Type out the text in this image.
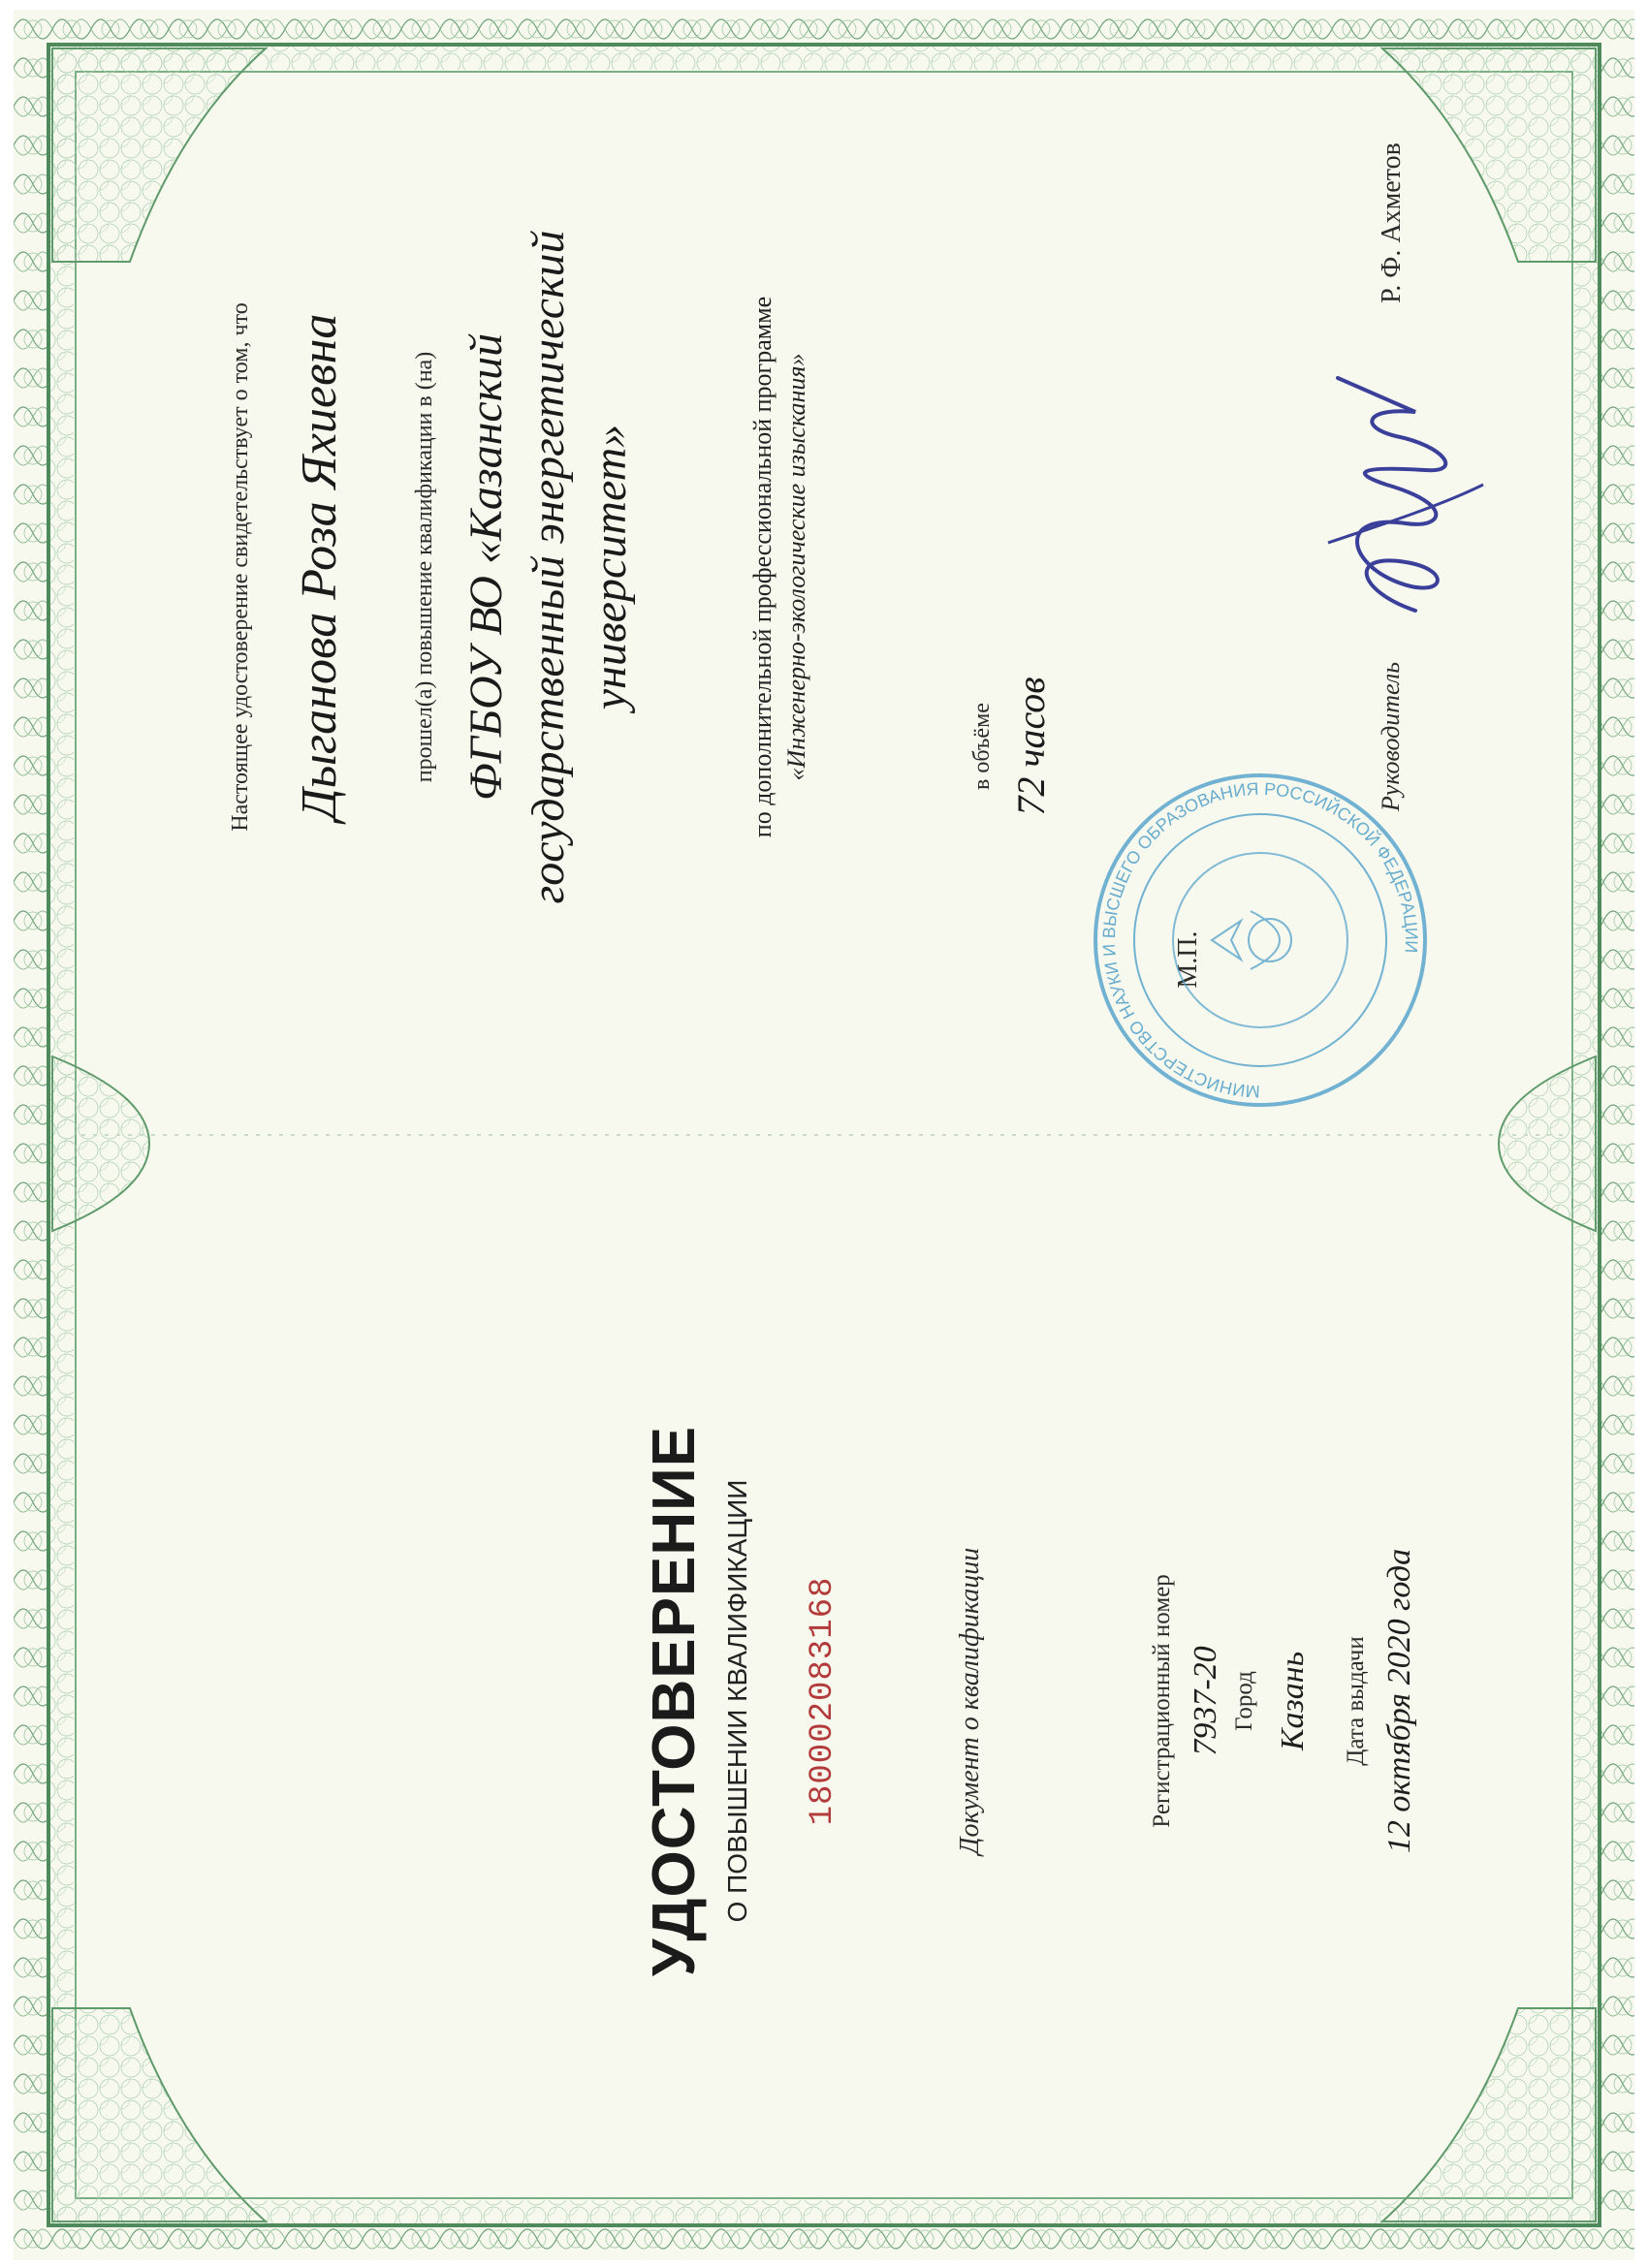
УДОСТОВЕРЕНИЕ О ПОВЫШЕНИИ КВАЛИФИКАЦИИ 180002083168	Документ о квалификации	Регистрационный номер 7937-20 Город Казань Дата выдачи 12 октября 2020 года
Настоящее удостоверение свидетельствует о том, что Дыганова Роза Яхиевна	прошел(а) повышение квалификации в (на) ФГБОУ ВО «Казанский государственный энергетический университет»	по дополнительной профессиональной программе «Инженерно-экологические изыскания»	в объёме 72 часов
М.П.
Руководитель
Р. Ф. Ахметов
МИНИСТЕРСТВО НАУКИ И ВЫСШЕГО ОБРАЗОВАНИЯ РОССИЙСКОЙ ФЕДЕРАЦИИ
